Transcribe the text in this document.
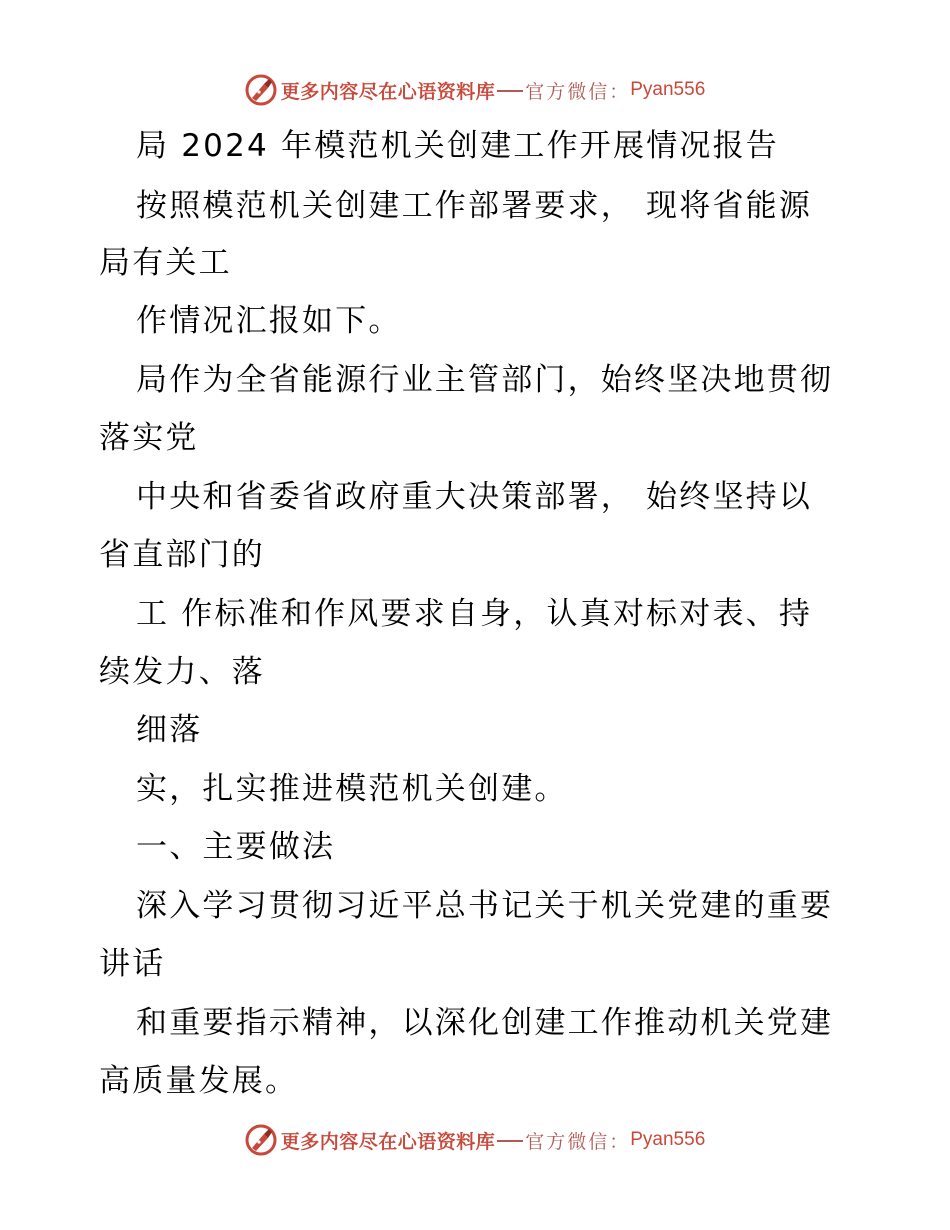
更多内容尽在心语资料库 官方微信： Pyan556
局 2024 年模范机关创建工作开展情况报告
按照模范机关创建工作部署要求， 现将省能源
局有关工
作情况汇报如下。
局作为全省能源行业主管部门，始终坚决地贯彻
落实党
中央和省委省政府重大决策部署， 始终坚持以
省直部门的
工 作标准和作风要求自身，认真对标对表、持
续发力、落
细落
实，扎实推进模范机关创建。
一、主要做法
深入学习贯彻习近平总书记关于机关党建的重要
讲话
和重要指示精神，以深化创建工作推动机关党建
高质量发展。
更多内容尽在心语资料库 官方微信： Pyan556
